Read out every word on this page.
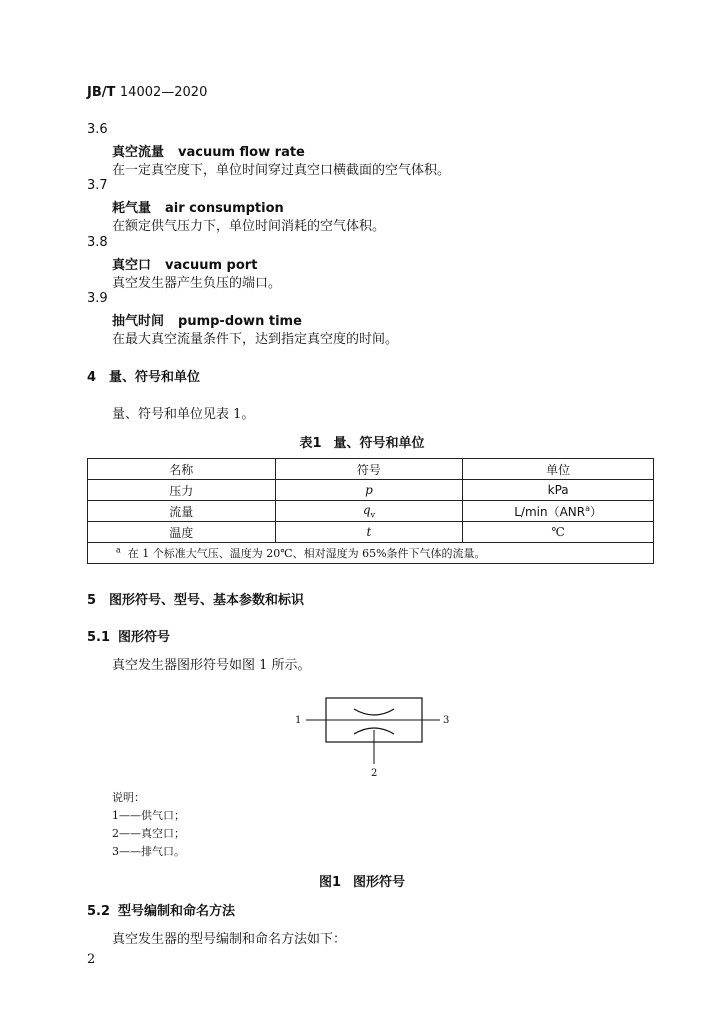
JB/T 14002—2020
3.6
真空流量 vacuum flow rate
在一定真空度下，单位时间穿过真空口横截面的空气体积。
3.7
耗气量 air consumption
在额定供气压力下，单位时间消耗的空气体积。
3.8
真空口 vacuum port
真空发生器产生负压的端口。
3.9
抽气时间 pump-down time
在最大真空流量条件下，达到指定真空度的时间。
4 量、符号和单位
量、符号和单位见表 1。
表1 量、符号和单位
名称	符号	单位
压力	p	kPa
流量	$q_v$	L/min（ANR$^a$）
温度	t	℃
$^a$ 在 1 个标准大气压、温度为 20℃、相对湿度为 65%条件下气体的流量。		
5 图形符号、型号、基本参数和标识
5.1 图形符号
真空发生器图形符号如图 1 所示。
1
2
3
说明：
1——供气口；
2——真空口；
3——排气口。
图1 图形符号
5.2 型号编制和命名方法
真空发生器的型号编制和命名方法如下：
2
